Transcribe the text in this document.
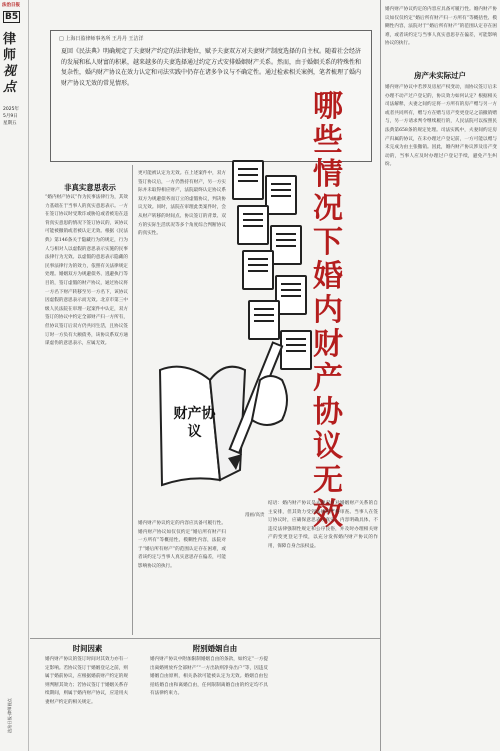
法治日报
B5
律
师
视
点
2025年
5月9日
星期五
法治日报·律师视点
□ 上海日盈律师事务所 王丹丹 王洁洋
夏回《民法典》明确规定了夫妻财产约定的法律地位，赋予夫妻双方对夫妻财产制度选择的自主权。随着社会经济的发展和私人财富的积累，越来越多的夫妻选择通过约定方式安排婚姻财产关系。然而，由于婚姻关系的特殊性和复杂性，婚内财产协议在效力认定和司法实践中仍存在诸多争议与不确定性。通过检索相关案例，笔者梳理了婚内财产协议无效的常见情形。
哪
些
情
况
下
婚
内
财
产
协
议
无
效
财产协议
漫画/高贵
非真实意思表示
“婚内财产协议”作为民事法律行为，其效力基础在于当事人的真实意思表示。一方在签订协议时受欺诈或胁迫或者被迫在违背真实意思的情况下签订协议的，该协议可能被撤销或者被认定无效。根据《民法典》第146条关于隐藏行为的规定，行为人与相对人以虚假的意思表示实施的民事法律行为无效。以虚假的意思表示隐藏的民事法律行为的效力，依照有关法律规定处理。婚姻双方为规避债务、逃避执行等目的，签订虚假的财产协议，通过协议将一方名下财产转移至另一方名下，该协议因虚假的意思表示而无效。北京市第三中级人民法院在审理一起案件中认定，双方签订的协议中约定全部财产归一方所有，但协议签订后双方仍共同生活，且协议签订时一方负有大额债务，该协议系双方通谋虚伪的意思表示，应属无效。
时间因素
婚内财产协议的签订时间对其效力亦有一定影响。若协议签订于婚姻登记之前，则属于婚前协议，应根据婚前财产约定的规则判断其效力；若协议签订于婚姻关系存续期间，则属于婚内财产协议，应适用夫妻财产约定的相关规定。
更可能被认定为无效。在上述案件中，双方签订协议后，一方仍然持有财产，另一方实际并未取得相应财产，法院最终认定协议系双方为规避债务而订立的虚假协议，判决协议无效。同时，法院在审理此类案件时，会从财产转移的时间点、协议签订的背景、双方的实际生活状况等多个角度综合判断协议的真实性。
婚内财产协议约定的内容应具备可履行性。婚内财产协议如仅仅约定“婚后所有财产归一方所有”等概括性、模糊性内容，法院对于“婚后所有财产”的范围认定存在困难，或者该约定与当事人真实意思存在偏差，可能影响协议的执行。
附别婚姻自由
婚内财产协议中附加限制婚姻自由的条款，如约定“一方提出离婚则放弃全部财产”“一方出轨则净身出户”等，因违反婚姻自由原则，相关条款可能被认定为无效。婚姻自由包括结婚自由和离婚自由，任何限制离婚自由的约定均不具有法律约束力。
结语：婚内财产协议是夫妻双方对婚姻财产关系的自主安排，但其效力受到法律的严格审查。当事人在签订协议时，应确保意思表示真实、内容明确具体、不违反法律强制性规定和公序良俗，并及时办理相关财产的变更登记手续，以充分发挥婚内财产协议的作用，保障自身合法权益。
婚内财产协议约定的内容应具备可履行性。婚内财产协议如仅仅约定“婚后所有财产归一方所有”等概括性、模糊性内容，法院对于“婚后所有财产”的范围认定存在困难，或者该约定与当事人真实意思存在偏差，可能影响协议的执行。
房产未实际过户
婚内财产协议中若涉及房屋产权变动，而协议签订后未办理不动产过户登记的，协议效力如何认定？根据相关司法解释，夫妻之间约定将一方所有的房产赠与另一方或者共同所有，赠与方在赠与房产变更登记之前撤销赠与，另一方请求判令继续履行的，人民法院可以按照民法典第658条的规定处理。司法实践中，夫妻间约定房产归属的协议，在未办理过户登记前，一方可能以赠与未完成为由主张撤销。因此，婚内财产协议涉及房产变动的，当事人应及时办理过户登记手续，避免产生纠纷。
